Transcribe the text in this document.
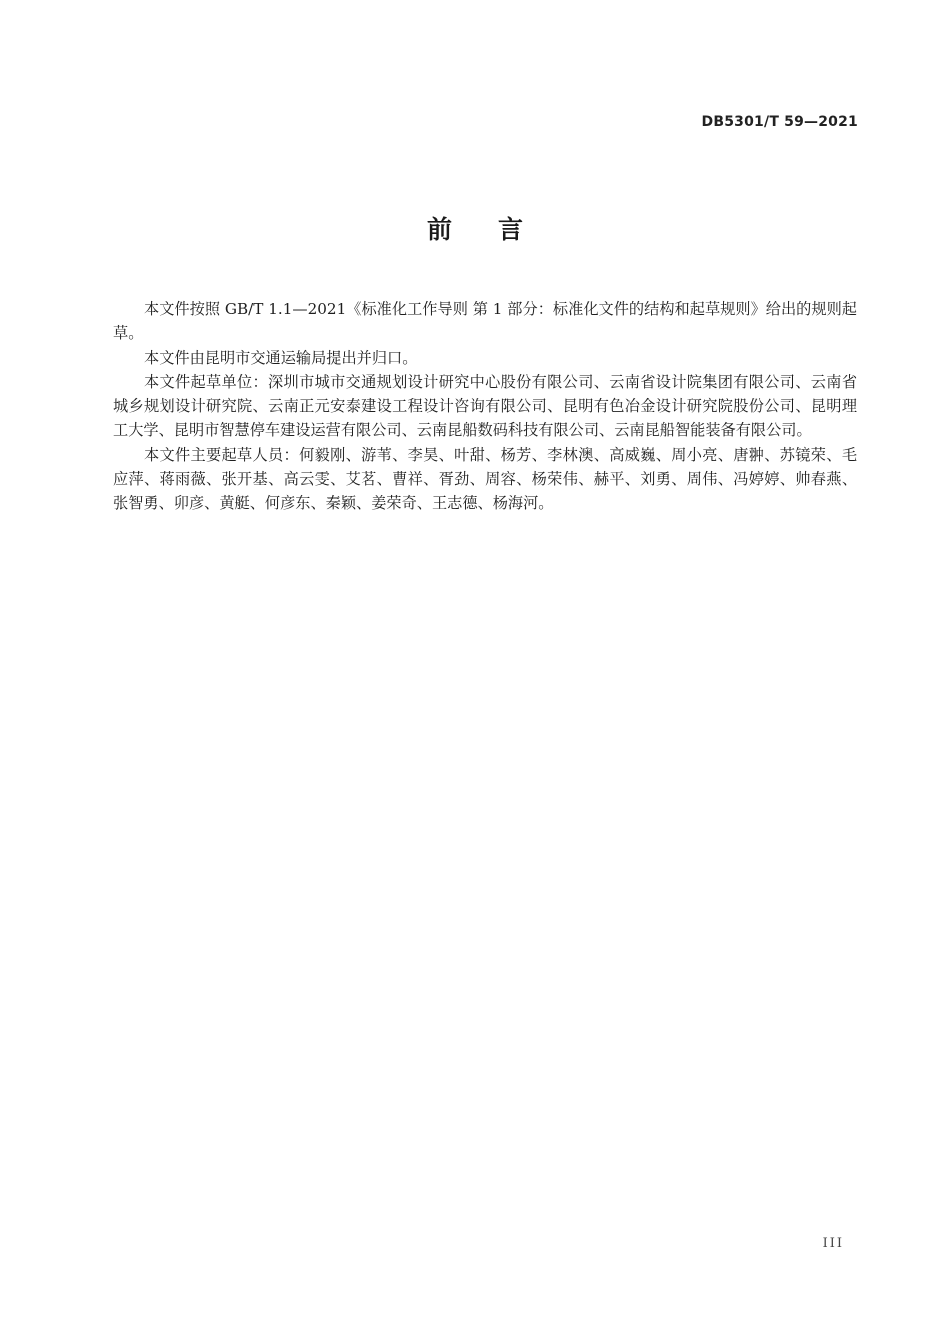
DB5301/T 59—2021
前言

本文件按照 GB/T 1.1—2021《标准化工作导则 第 1 部分：标准化文件的结构和起草规则》给出的规则起草。

本文件由昆明市交通运输局提出并归口。

本文件起草单位：深圳市城市交通规划设计研究中心股份有限公司、云南省设计院集团有限公司、云南省城乡规划设计研究院、云南正元安泰建设工程设计咨询有限公司、昆明有色冶金设计研究院股份公司、昆明理工大学、昆明市智慧停车建设运营有限公司、云南昆船数码科技有限公司、云南昆船智能装备有限公司。

本文件主要起草人员：何毅刚、游苇、李昊、叶甜、杨芳、李林澳、高威巍、周小亮、唐翀、苏镜荣、毛应萍、蒋雨薇、张开基、高云雯、艾茗、曹祥、胥劲、周容、杨荣伟、赫平、刘勇、周伟、冯婷婷、帅春燕、张智勇、卯彦、黄艇、何彦东、秦颖、姜荣奇、王志德、杨海河。

III
